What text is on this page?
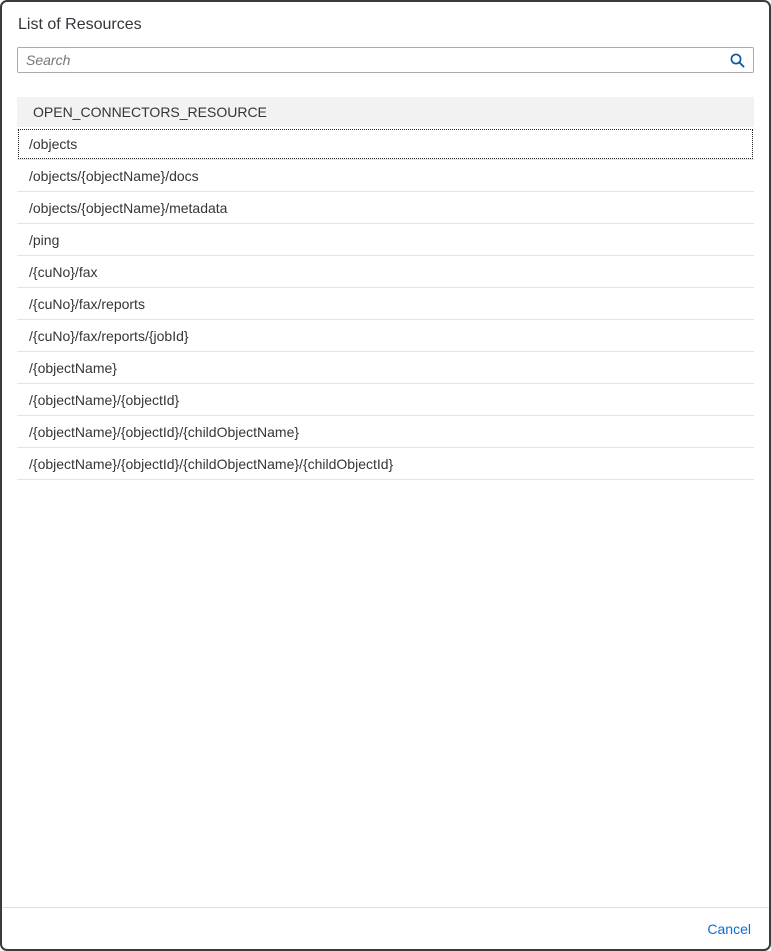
List of Resources
Search
OPEN_CONNECTORS_RESOURCE
/objects
/objects/{objectName}/docs
/objects/{objectName}/metadata
/ping
/{cuNo}/fax
/{cuNo}/fax/reports
/{cuNo}/fax/reports/{jobId}
/{objectName}
/{objectName}/{objectId}
/{objectName}/{objectId}/{childObjectName}
/{objectName}/{objectId}/{childObjectName}/{childObjectId}
Cancel
